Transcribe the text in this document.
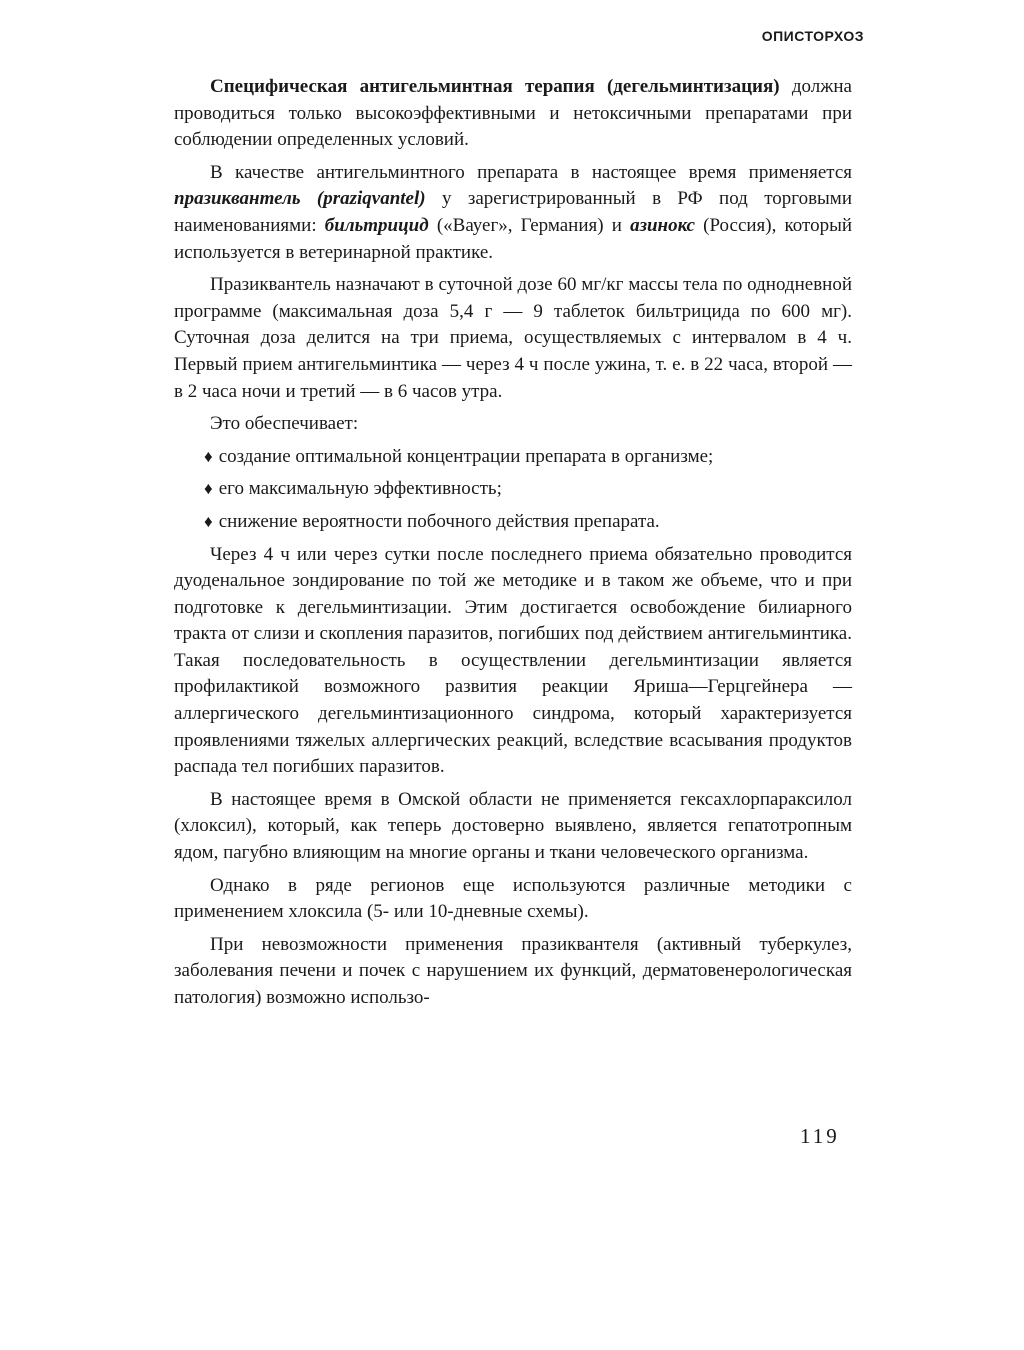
ОПИСТОРХОЗ

Специфическая антигельминтная терапия (дегельминтизация) должна проводиться только высокоэффективными и нетоксичными препаратами при соблюдении определенных условий.

В качестве антигельминтного препарата в настоящее время применяется празиквантель (praziqvantel) у зарегистрированный в РФ под торговыми наименованиями: бильтрицид («Вауег», Германия) и азинокс (Россия), который используется в ветеринарной практике.

Празиквантель назначают в суточной дозе 60 мг/кг массы тела по однодневной программе (максимальная доза 5,4 г — 9 таблеток бильтрицида по 600 мг). Суточная доза делится на три приема, осуществляемых с интервалом в 4 ч. Первый прием антигельминтика — через 4 ч после ужина, т. е. в 22 часа, второй — в 2 часа ночи и третий — в 6 часов утра.

Это обеспечивает:

♦ создание оптимальной концентрации препарата в организме;
♦ его максимальную эффективность;
♦ снижение вероятности побочного действия препарата.

Через 4 ч или через сутки после последнего приема обязательно проводится дуоденальное зондирование по той же методике и в таком же объеме, что и при подготовке к дегельминтизации. Этим достигается освобождение билиарного тракта от слизи и скопления паразитов, погибших под действием антигельминтика. Такая последовательность в осуществлении дегельминтизации является профилактикой возможного развития реакции Яриша—Герцгейнера — аллергического дегельминтизационного синдрома, который характеризуется проявлениями тяжелых аллергических реакций, вследствие всасывания продуктов распада тел погибших паразитов.

В настоящее время в Омской области не применяется гексахлорпараксилол (хлоксил), который, как теперь достоверно выявлено, является гепатотропным ядом, пагубно влияющим на многие органы и ткани человеческого организма.

Однако в ряде регионов еще используются различные методики с применением хлоксила (5- или 10-дневные схемы).

При невозможности применения празиквантеля (активный туберкулез, заболевания печени и почек с нарушением их функций, дерматовенерологическая патология) возможно использо-

119
